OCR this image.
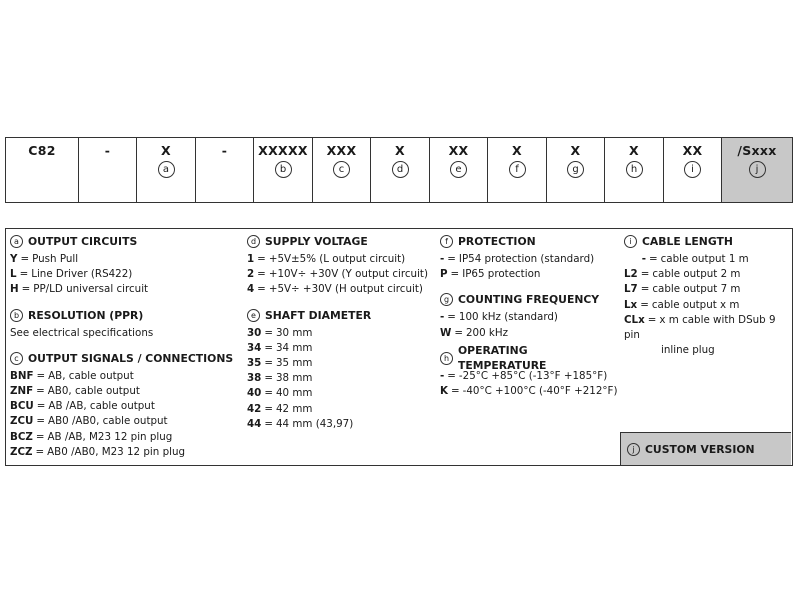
C82	-	X
a
- XXXXX
b
XXX
c
X
d
XX
e
X
f
X
g
X
h
XX
i
/Sxxx
j
a OUTPUT CIRCUITS
Y = Push Pull
L = Line Driver (RS422)
H = PP/LD universal circuit
b RESOLUTION (PPR)
See electrical specifications
c OUTPUT SIGNALS / CONNECTIONS
BNF = AB, cable output
ZNF = AB0, cable output
BCU = AB /AB, cable output
ZCU = AB0 /AB0, cable output
BCZ = AB /AB, M23 12 pin plug
ZCZ = AB0 /AB0, M23 12 pin plug
d SUPPLY VOLTAGE
1 = +5V±5% (L output circuit)
2 = +10V÷ +30V (Y output circuit)
4 = +5V÷ +30V (H output circuit)
e SHAFT DIAMETER
30 = 30 mm
34 = 34 mm
35 = 35 mm
38 = 38 mm
40 = 40 mm
42 = 42 mm
44 = 44 mm (43,97)
f PROTECTION
- = IP54 protection (standard)
P = IP65 protection
g COUNTING FREQUENCY
- = 100 kHz (standard)
W = 200 kHz
h
OPERATING TEMPERATURE
- = -25°C +85°C (-13°F +185°F)
K = -40°C +100°C (-40°F +212°F)
i CABLE LENGTH
- = cable output 1 m
L2 = cable output 2 m
L7 = cable output 7 m
Lx = cable output x m
CLx = x m cable with DSub 9 pin
inline plug
j CUSTOM VERSION
